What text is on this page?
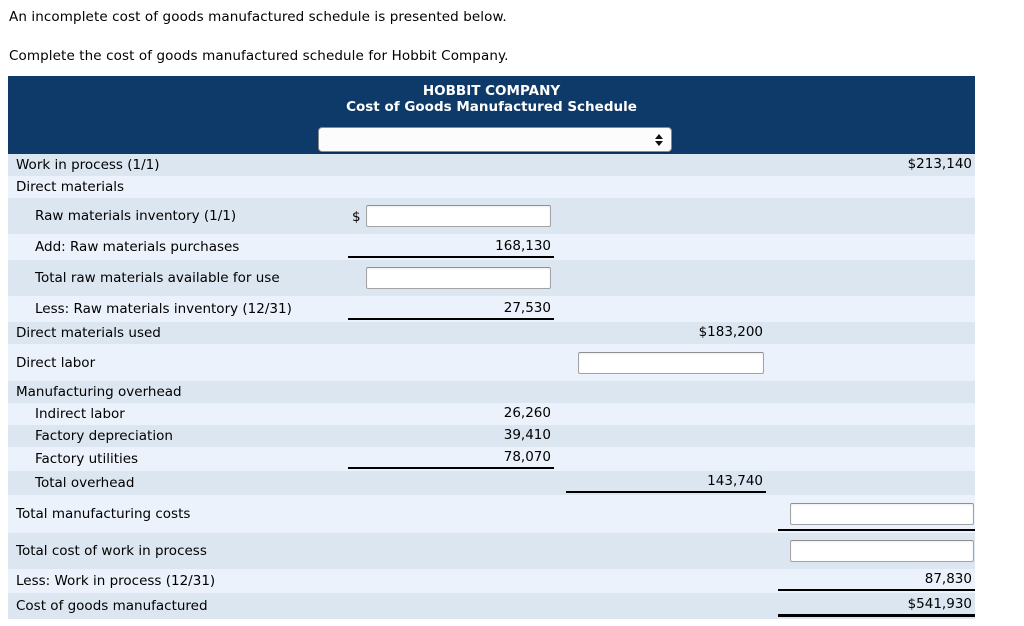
An incomplete cost of goods manufactured schedule is presented below.

Complete the cost of goods manufactured schedule for Hobbit Company.

HOBBIT COMPANY
Cost of Goods Manufactured Schedule
Work in process (1/1)	$213,140
Direct materials
Raw materials inventory (1/1)	$
Add: Raw materials purchases	168,130
Total raw materials available for use
Less: Raw materials inventory (12/31)	27,530
Direct materials used	$183,200
Direct labor
Manufacturing overhead
Indirect labor	26,260
Factory depreciation	39,410
Factory utilities	78,070
Total overhead	143,740
Total manufacturing costs
Total cost of work in process
Less: Work in process (12/31)	87,830
Cost of goods manufactured	$541,930
